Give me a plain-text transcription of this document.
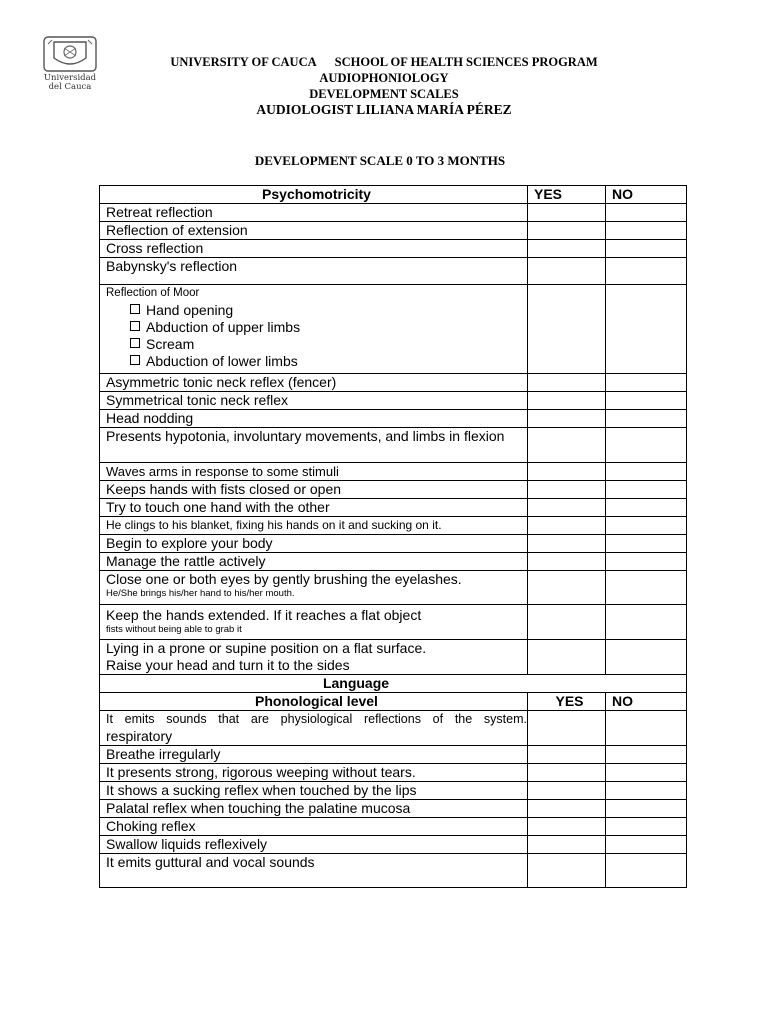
Universidad
del Cauca
UNIVERSITY OF CAUCA SCHOOL OF HEALTH SCIENCES PROGRAM
AUDIOPHONIOLOGY
DEVELOPMENT SCALES
AUDIOLOGIST LILIANA MARÍA PÉREZ
DEVELOPMENT SCALE 0 TO 3 MONTHS
Psychomotricity	YES	NO
Retreat reflection		
Reflection of extension		
Cross reflection		
Babynsky's reflection		

Reflection of Moor
Hand opening
Abduction of upper limbs
Scream
Abduction of lower limbs		

Asymmetric tonic neck reflex (fencer)		
Symmetrical tonic neck reflex		
Head nodding		
Presents hypotonia, involuntary movements, and limbs in flexion		
Waves arms in response to some stimuli		
Keeps hands with fists closed or open		
Try to touch one hand with the other		
He clings to his blanket, fixing his hands on it and sucking on it.		
Begin to explore your body		
Manage the rattle actively		

Close one or both eyes by gently brushing the eyelashes.
He/She brings his/her hand to his/her mouth.		

Keep the hands extended. If it reaches a flat object
fists without being able to grab it		

Lying in a prone or supine position on a flat surface.
Raise your head and turn it to the sides		

Language		
Phonological level	YES	NO

It emits sounds that are physiological reflections of the system.
respiratory		

Breathe irregularly		
It presents strong, rigorous weeping without tears.		
It shows a sucking reflex when touched by the lips		
Palatal reflex when touching the palatine mucosa		
Choking reflex		
Swallow liquids reflexively		
It emits guttural and vocal sounds		
